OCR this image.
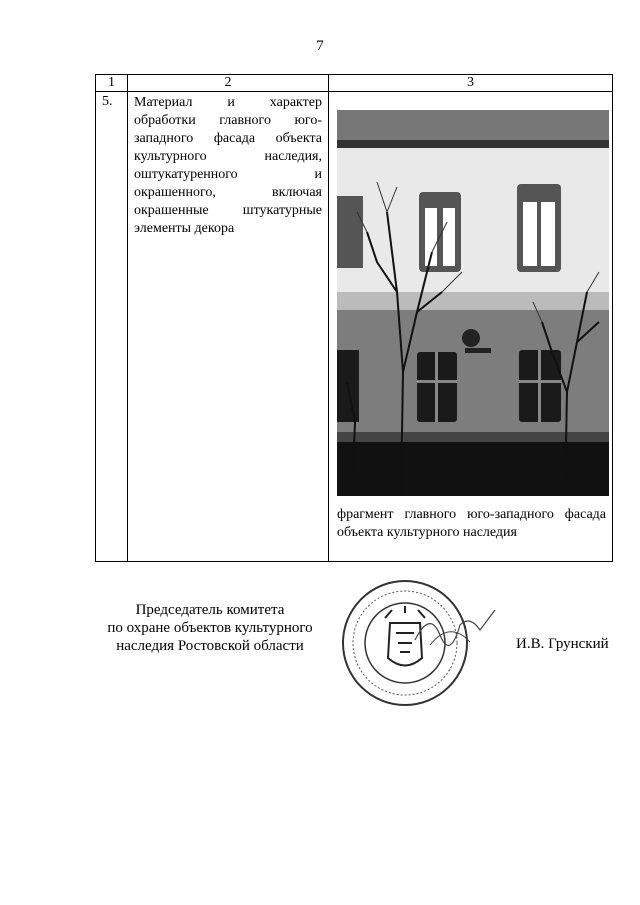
7
1	2	3
5.	Материал и характер обработки главного юго-западного фасада объекта культурного наследия, оштукатуренного и окрашенного, включая окрашенные штукатурные элементы декора	фрагмент главного юго-западного фасада объекта культурного наследия
Председатель комитета
по охране объектов культурного
наследия Ростовской области	И.В. Грунский
